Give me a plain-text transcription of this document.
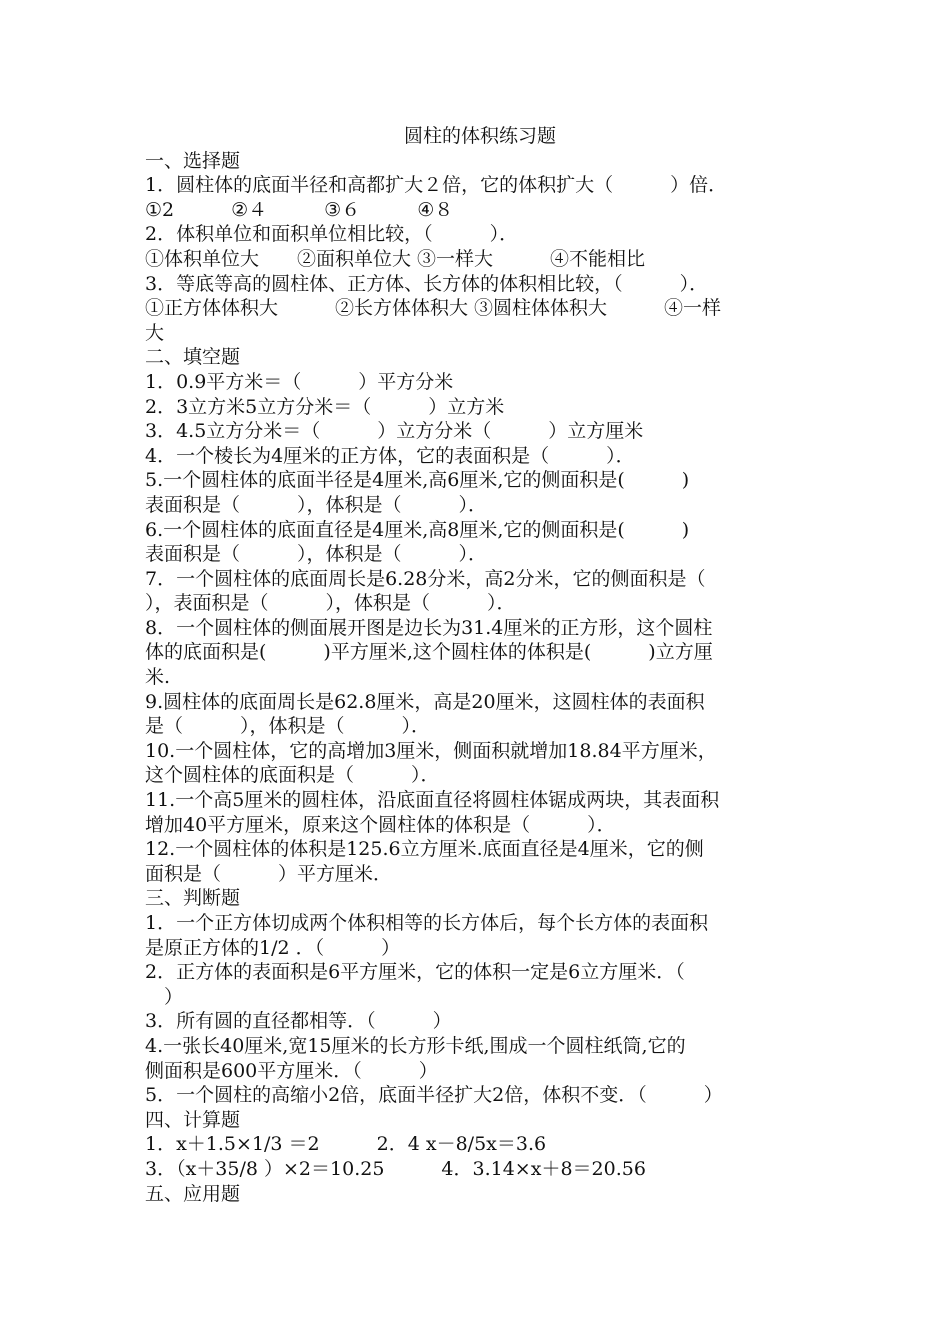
圆柱的体积练习题
一、选择题
1．圆柱体的底面半径和高都扩大２倍，它的体积扩大（　　　）倍．
①2　　　②４　　　③６　　　④８
2．体积单位和面积单位相比较，（　　　）．
①体积单位大　　②面积单位大 ③一样大　　　④不能相比
3．等底等高的圆柱体、正方体、长方体的体积相比较，（　　　）．
①正方体体积大　　　②长方体体积大 ③圆柱体体积大　　　④一样
大
二、填空题
1．0.9平方米＝（　　　）平方分米
2．3立方米5立方分米＝（　　　）立方米
3．4.5立方分米＝（　　　）立方分米（　　　）立方厘米
4．一个棱长为4厘米的正方体，它的表面积是（　　　）．
5.一个圆柱体的底面半径是4厘米,高6厘米,它的侧面积是(　　　)
表面积是（　　　），体积是（　　　）．
6.一个圆柱体的底面直径是4厘米,高8厘米,它的侧面积是(　　　)
表面积是（　　　），体积是（　　　）．
7．一个圆柱体的底面周长是6.28分米，高2分米，它的侧面积是（
），表面积是（　　　），体积是（　　　）．
8．一个圆柱体的侧面展开图是边长为31.4厘米的正方形，这个圆柱
体的底面积是(　　　)平方厘米,这个圆柱体的体积是(　　　)立方厘
米.
9.圆柱体的底面周长是62.8厘米，高是20厘米，这圆柱体的表面积
是（　　　），体积是（　　　）．
10.一个圆柱体，它的高增加3厘米，侧面积就增加18.84平方厘米，
这个圆柱体的底面积是（　　　）．
11.一个高5厘米的圆柱体，沿底面直径将圆柱体锯成两块，其表面积
增加40平方厘米，原来这个圆柱体的体积是（　　　）．
12.一个圆柱体的体积是125.6立方厘米.底面直径是4厘米，它的侧
面积是（　　　）平方厘米．
三、判断题
1．一个正方体切成两个体积相等的长方体后，每个长方体的表面积
是原正方体的1/2 ．（　　　）
2．正方体的表面积是6平方厘米，它的体积一定是6立方厘米．（
　）
3．所有圆的直径都相等．（　　　）
4.一张长40厘米,宽15厘米的长方形卡纸,围成一个圆柱纸筒,它的
侧面积是600平方厘米．（　　　）
5．一个圆柱的高缩小2倍，底面半径扩大2倍，体积不变．（　　　）
四、计算题
1．x＋1.5×1/3 ＝2　　　2．4 x－8/5x＝3.6
3．（x＋35/8 ）×2＝10.25　　　4．3.14×x＋8＝20.56
五、应用题
